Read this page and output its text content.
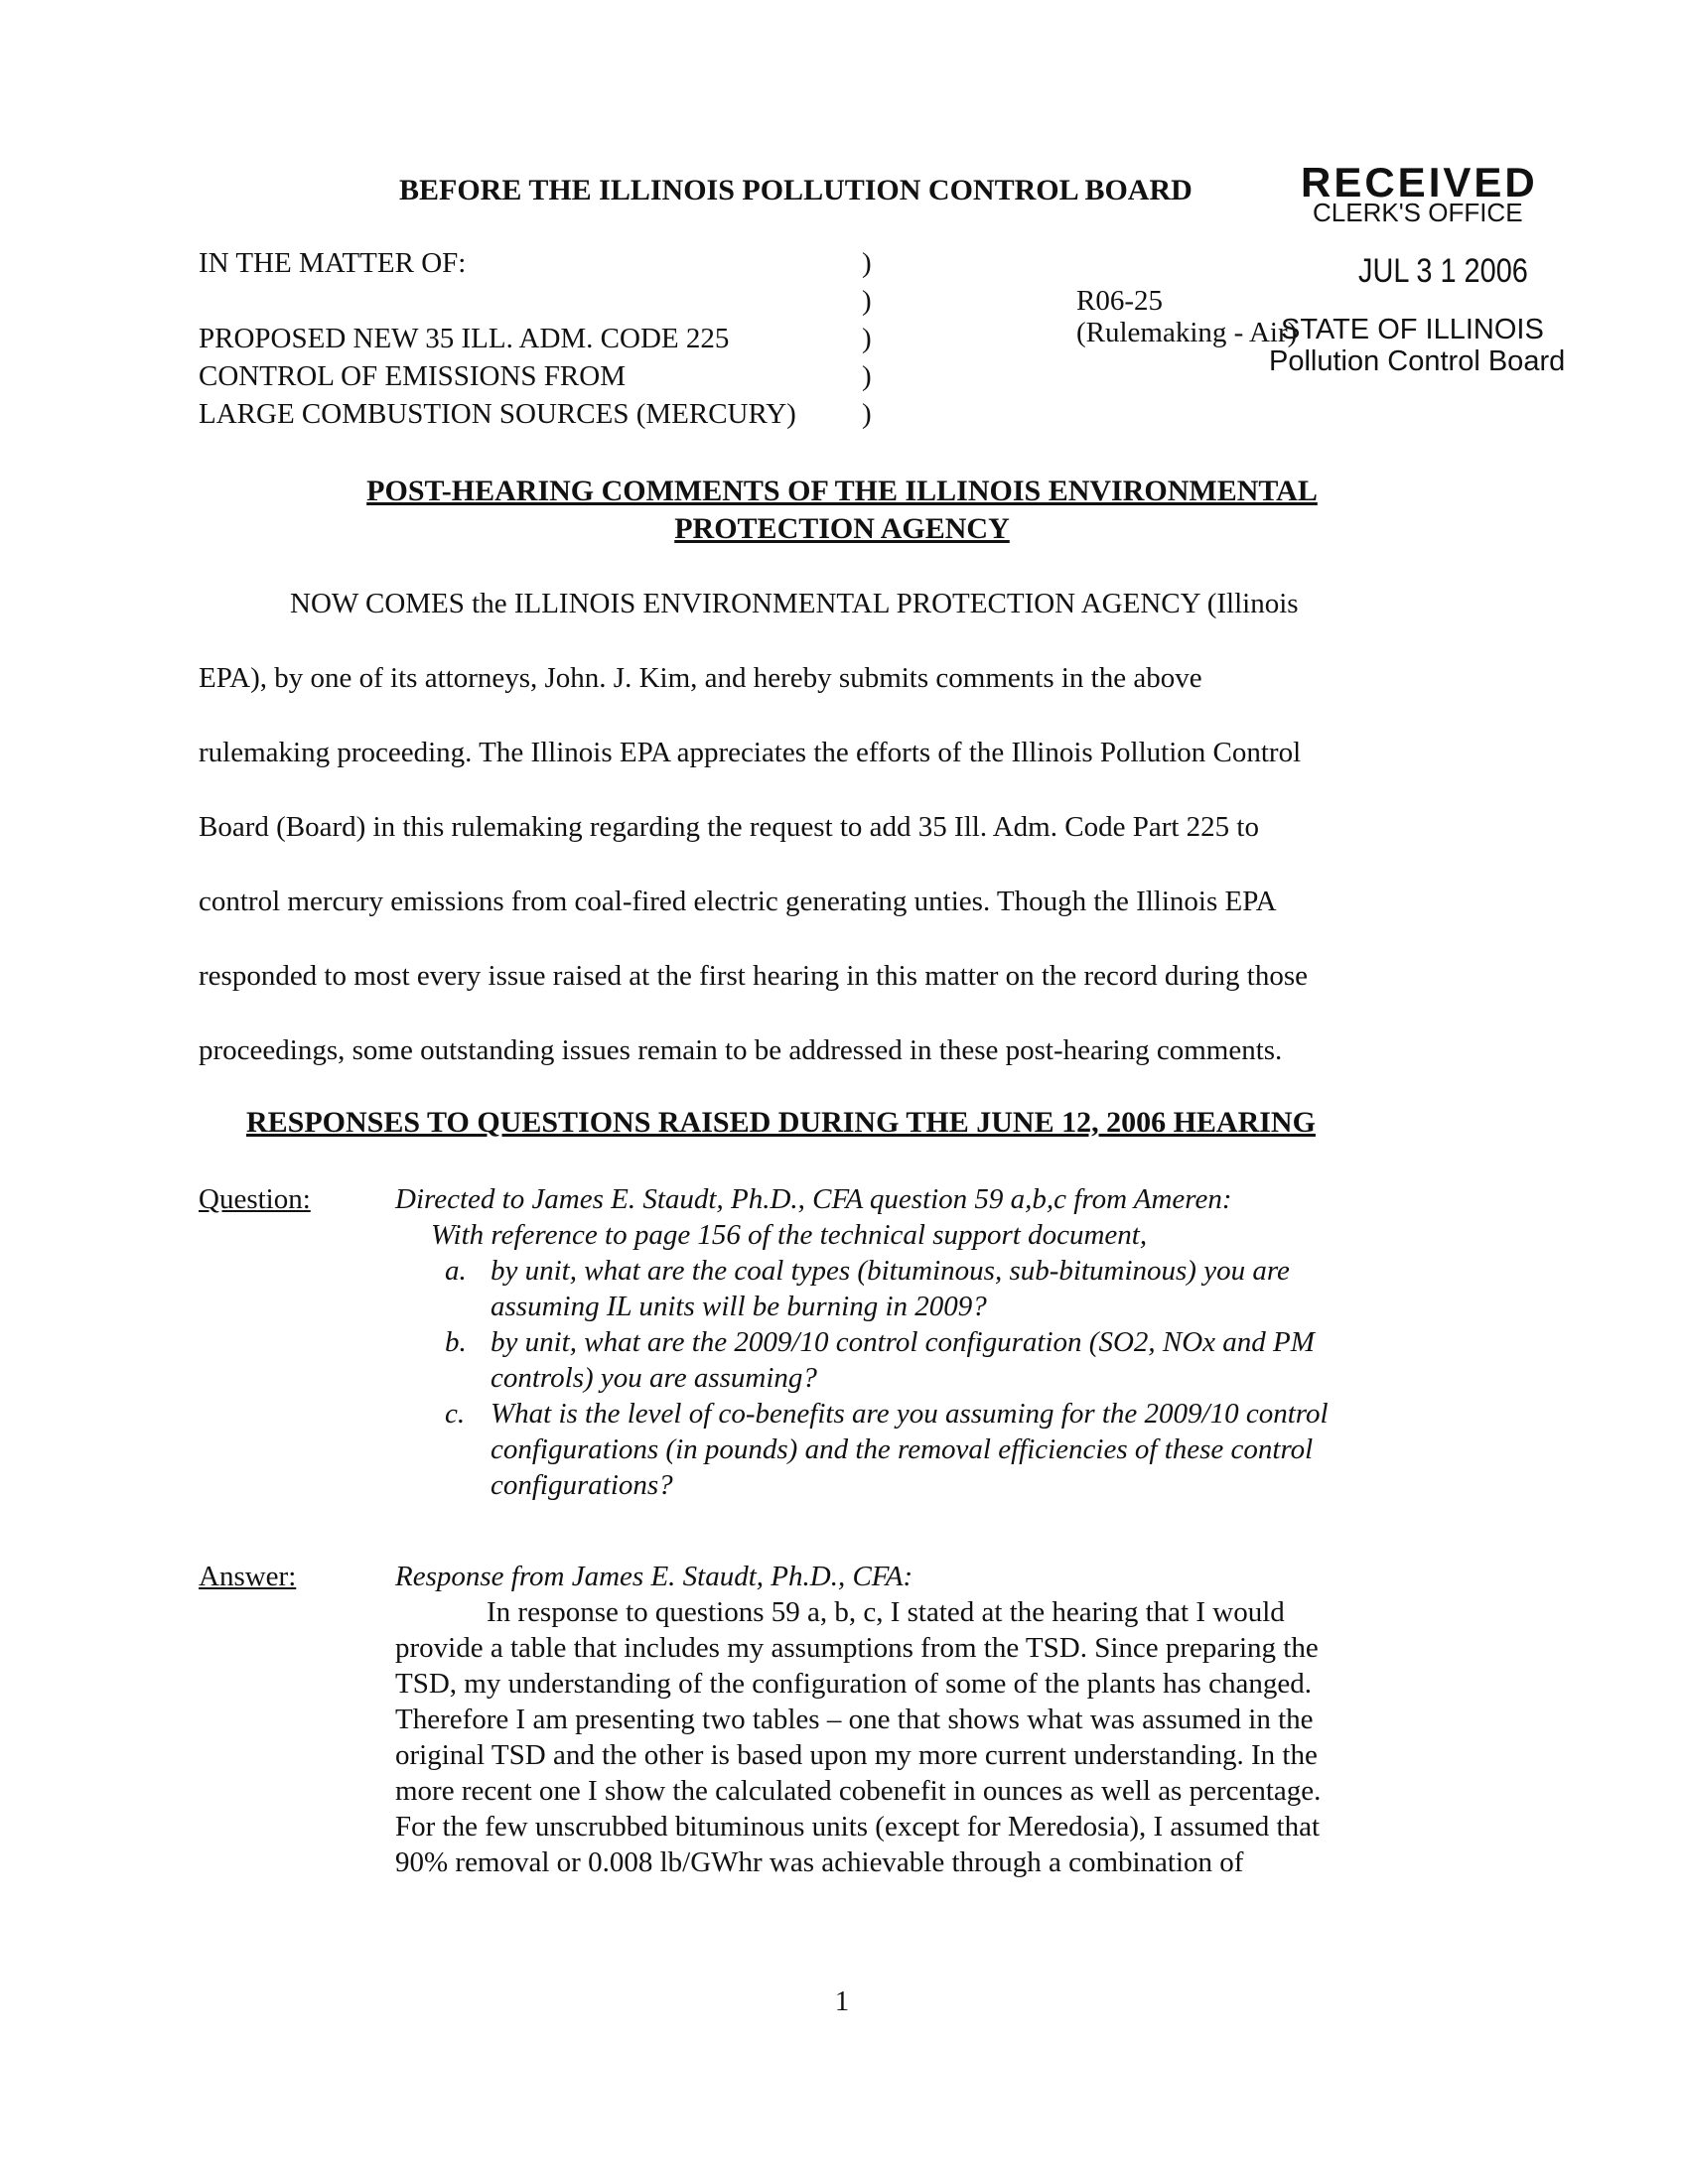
BEFORE THE ILLINOIS POLLUTION CONTROL BOARD	RECEIVED
CLERK'S OFFICE
JUL 3 1 2006
STATE OF ILLINOIS
Pollution Control Board
IN THE MATTER OF:
PROPOSED NEW 35 ILL. ADM. CODE 225
CONTROL OF EMISSIONS FROM
LARGE COMBUSTION SOURCES (MERCURY)
)
)
)
)
)
R06-25
(Rulemaking - Air)
POST-HEARING COMMENTS OF THE ILLINOIS ENVIRONMENTAL
PROTECTION AGENCY
NOW COMES the ILLINOIS ENVIRONMENTAL PROTECTION AGENCY (Illinois
EPA), by one of its attorneys, John. J. Kim, and hereby submits comments in the above
rulemaking proceeding. The Illinois EPA appreciates the efforts of the Illinois Pollution Control
Board (Board) in this rulemaking regarding the request to add 35 Ill. Adm. Code Part 225 to
control mercury emissions from coal-fired electric generating unties. Though the Illinois EPA
responded to most every issue raised at the first hearing in this matter on the record during those
proceedings, some outstanding issues remain to be addressed in these post-hearing comments.
RESPONSES TO QUESTIONS RAISED DURING THE JUNE 12, 2006 HEARING
Question:	Directed to James E. Staudt, Ph.D., CFA question 59 a,b,c from Ameren:
With reference to page 156 of the technical support document,
a. by unit, what are the coal types (bituminous, sub-bituminous) you are
assuming IL units will be burning in 2009?
b. by unit, what are the 2009/10 control configuration (SO2, NOx and PM
controls) you are assuming?
c. What is the level of co-benefits are you assuming for the 2009/10 control
configurations (in pounds) and the removal efficiencies of these control
configurations?
Answer:	Response from James E. Staudt, Ph.D., CFA:
In response to questions 59 a, b, c, I stated at the hearing that I would
provide a table that includes my assumptions from the TSD. Since preparing the
TSD, my understanding of the configuration of some of the plants has changed.
Therefore I am presenting two tables – one that shows what was assumed in the
original TSD and the other is based upon my more current understanding. In the
more recent one I show the calculated cobenefit in ounces as well as percentage.
For the few unscrubbed bituminous units (except for Meredosia), I assumed that
90% removal or 0.008 lb/GWhr was achievable through a combination of
1
